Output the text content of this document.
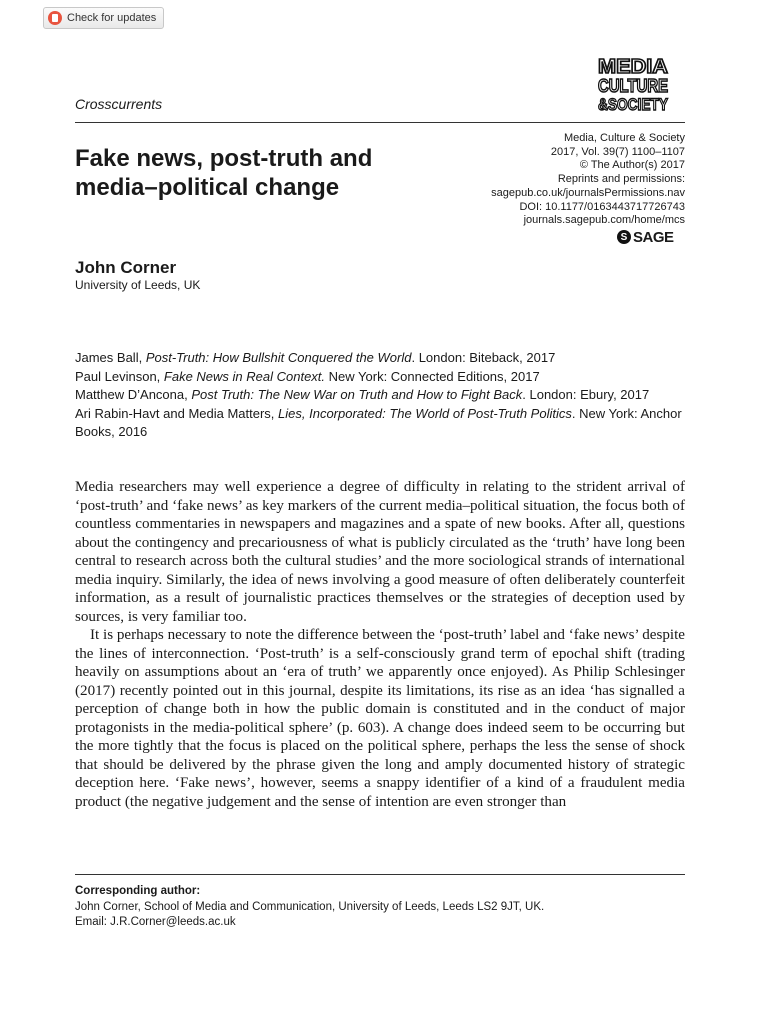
Check for updates
Crosscurrents
MEDIA
CULTURE
&SOCIETY
Fake news, post-truth and
media–political change
Media, Culture & Society
2017, Vol. 39(7) 1100–1107
© The Author(s) 2017
Reprints and permissions:
sagepub.co.uk/journalsPermissions.nav
DOI: 10.1177/0163443717726743
journals.sagepub.com/home/mcs
S SAGE
John Corner
University of Leeds, UK

James Ball, Post-Truth: How Bullshit Conquered the World. London: Biteback, 2017

Paul Levinson, Fake News in Real Context. New York: Connected Editions, 2017

Matthew D’Ancona, Post Truth: The New War on Truth and How to Fight Back. London: Ebury, 2017

Ari Rabin-Havt and Media Matters, Lies, Incorporated: The World of Post-Truth Politics. New York: Anchor Books, 2016

Media researchers may well experience a degree of difficulty in relating to the strident arrival of ‘post-truth’ and ‘fake news’ as key markers of the current media–political situation, the focus both of countless commentaries in newspapers and magazines and a spate of new books. After all, questions about the contingency and precariousness of what is publicly circulated as the ‘truth’ have long been central to research across both the cultural studies’ and the more sociological strands of international media inquiry. Similarly, the idea of news involving a good measure of often deliberately counterfeit information, as a result of journalistic practices themselves or the strategies of deception used by sources, is very familiar too.

It is perhaps necessary to note the difference between the ‘post-truth’ label and ‘fake news’ despite the lines of interconnection. ‘Post-truth’ is a self-consciously grand term of epochal shift (trading heavily on assumptions about an ‘era of truth’ we apparently once enjoyed). As Philip Schlesinger (2017) recently pointed out in this journal, despite its limitations, its rise as an idea ‘has signalled a perception of change both in how the public domain is constituted and in the conduct of major protagonists in the media-political sphere’ (p. 603). A change does indeed seem to be occurring but the more tightly that the focus is placed on the political sphere, perhaps the less the sense of shock that should be delivered by the phrase given the long and amply documented history of strategic deception here. ‘Fake news’, however, seems a snappy identifier of a kind of a fraudulent media product (the negative judgement and the sense of intention are even stronger than

Corresponding author:
John Corner, School of Media and Communication, University of Leeds, Leeds LS2 9JT, UK.
Email: J.R.Corner@leeds.ac.uk
